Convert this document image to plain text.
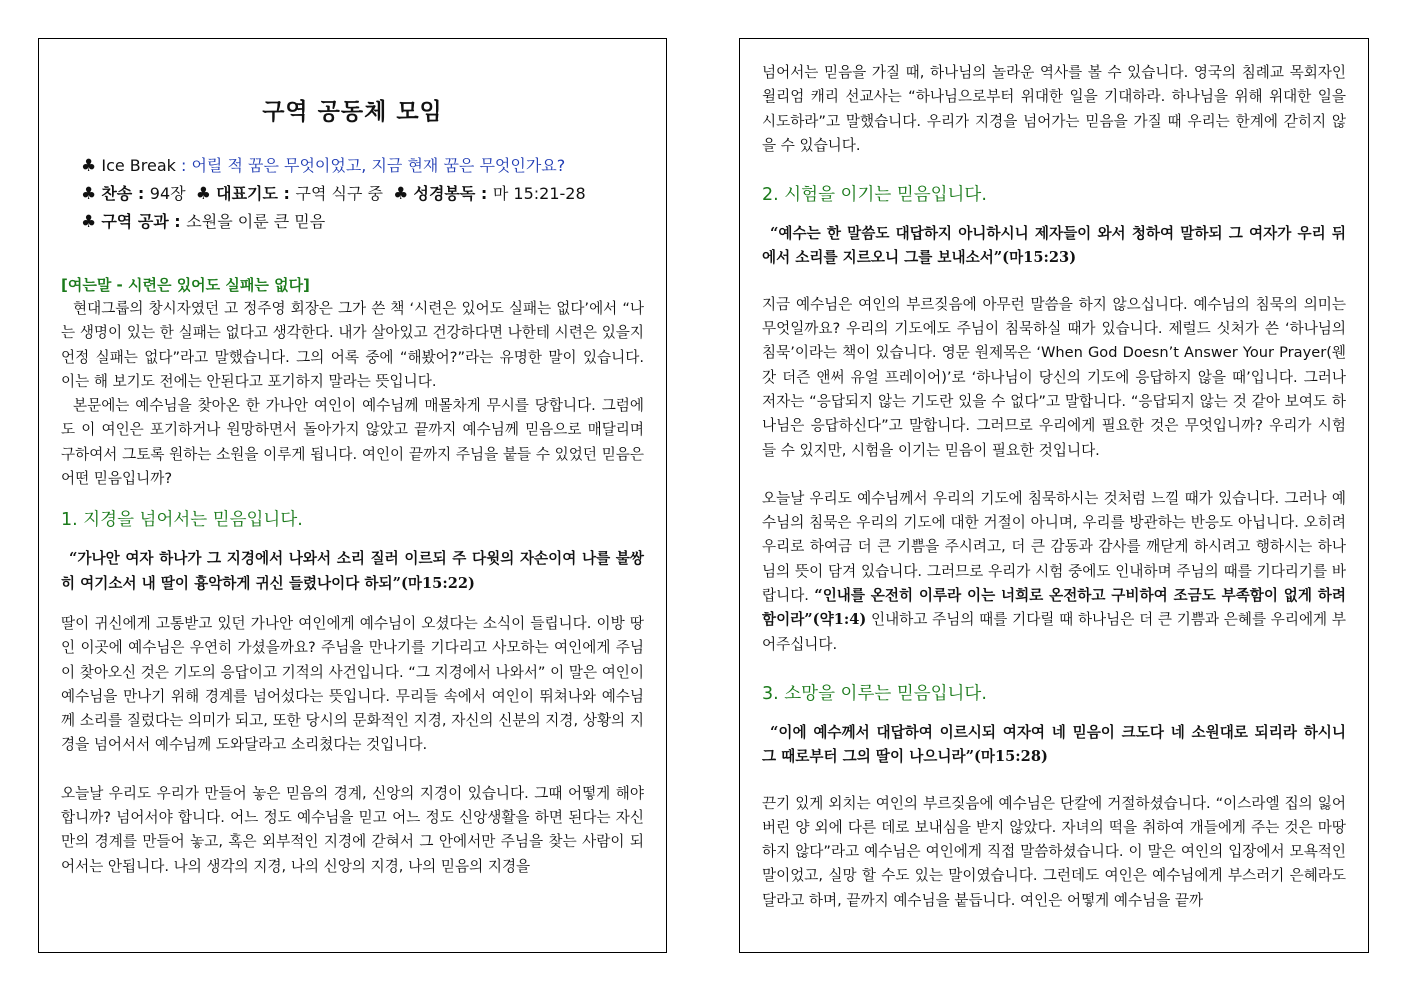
구역 공동체 모임
♣ Ice Break : 어릴 적 꿈은 무엇이었고, 지금 현재 꿈은 무엇인가요?
♣ 찬송 : 94장 ♣ 대표기도 : 구역 식구 중 ♣ 성경봉독 : 마 15:21-28
♣ 구역 공과 : 소원을 이룬 큰 믿음
[여는말 - 시련은 있어도 실패는 없다]

현대그룹의 창시자였던 고 정주영 회장은 그가 쓴 책 ‘시련은 있어도 실패는 없다’에서 “나는 생명이 있는 한 실패는 없다고 생각한다. 내가 살아있고 건강하다면 나한테 시련은 있을지언정 실패는 없다”라고 말했습니다. 그의 어록 중에 “해봤어?”라는 유명한 말이 있습니다. 이는 해 보기도 전에는 안된다고 포기하지 말라는 뜻입니다.

본문에는 예수님을 찾아온 한 가나안 여인이 예수님께 매몰차게 무시를 당합니다. 그럼에도 이 여인은 포기하거나 원망하면서 돌아가지 않았고 끝까지 예수님께 믿음으로 매달리며 구하여서 그토록 원하는 소원을 이루게 됩니다. 여인이 끝까지 주님을 붙들 수 있었던 믿음은 어떤 믿음입니까?

1. 지경을 넘어서는 믿음입니다.

“가나안 여자 하나가 그 지경에서 나와서 소리 질러 이르되 주 다윗의 자손이여 나를 불쌍히 여기소서 내 딸이 흉악하게 귀신 들렸나이다 하되”(마15:22)

딸이 귀신에게 고통받고 있던 가나안 여인에게 예수님이 오셨다는 소식이 들립니다. 이방 땅인 이곳에 예수님은 우연히 가셨을까요? 주님을 만나기를 기다리고 사모하는 여인에게 주님이 찾아오신 것은 기도의 응답이고 기적의 사건입니다. “그 지경에서 나와서” 이 말은 여인이 예수님을 만나기 위해 경계를 넘어섰다는 뜻입니다. 무리들 속에서 여인이 뛰쳐나와 예수님께 소리를 질렀다는 의미가 되고, 또한 당시의 문화적인 지경, 자신의 신분의 지경, 상황의 지경을 넘어서서 예수님께 도와달라고 소리쳤다는 것입니다.

오늘날 우리도 우리가 만들어 놓은 믿음의 경계, 신앙의 지경이 있습니다. 그때 어떻게 해야 합니까? 넘어서야 합니다. 어느 정도 예수님을 믿고 어느 정도 신앙생활을 하면 된다는 자신만의 경계를 만들어 놓고, 혹은 외부적인 지경에 갇혀서 그 안에서만 주님을 찾는 사람이 되어서는 안됩니다. 나의 생각의 지경, 나의 신앙의 지경, 나의 믿음의 지경을

넘어서는 믿음을 가질 때, 하나님의 놀라운 역사를 볼 수 있습니다. 영국의 침례교 목회자인 윌리엄 캐리 선교사는 “하나님으로부터 위대한 일을 기대하라. 하나님을 위해 위대한 일을 시도하라”고 말했습니다. 우리가 지경을 넘어가는 믿음을 가질 때 우리는 한계에 갇히지 않을 수 있습니다.

2. 시험을 이기는 믿음입니다.

“예수는 한 말씀도 대답하지 아니하시니 제자들이 와서 청하여 말하되 그 여자가 우리 뒤에서 소리를 지르오니 그를 보내소서”(마15:23)

지금 예수님은 여인의 부르짖음에 아무런 말씀을 하지 않으십니다. 예수님의 침묵의 의미는 무엇일까요? 우리의 기도에도 주님이 침묵하실 때가 있습니다. 제럴드 싯처가 쓴 ‘하나님의 침묵’이라는 책이 있습니다. 영문 원제목은 ‘When God Doesn’t Answer Your Prayer(웬 갓 더즌 앤써 유얼 프레이어)’로 ‘하나님이 당신의 기도에 응답하지 않을 때’입니다. 그러나 저자는 “응답되지 않는 기도란 있을 수 없다”고 말합니다. “응답되지 않는 것 같아 보여도 하나님은 응답하신다”고 말합니다. 그러므로 우리에게 필요한 것은 무엇입니까? 우리가 시험 들 수 있지만, 시험을 이기는 믿음이 필요한 것입니다.

오늘날 우리도 예수님께서 우리의 기도에 침묵하시는 것처럼 느낄 때가 있습니다. 그러나 예수님의 침묵은 우리의 기도에 대한 거절이 아니며, 우리를 방관하는 반응도 아닙니다. 오히려 우리로 하여금 더 큰 기쁨을 주시려고, 더 큰 감동과 감사를 깨닫게 하시려고 행하시는 하나님의 뜻이 담겨 있습니다. 그러므로 우리가 시험 중에도 인내하며 주님의 때를 기다리기를 바랍니다. “인내를 온전히 이루라 이는 너희로 온전하고 구비하여 조금도 부족함이 없게 하려 함이라”(약1:4) 인내하고 주님의 때를 기다릴 때 하나님은 더 큰 기쁨과 은혜를 우리에게 부어주십니다.

3. 소망을 이루는 믿음입니다.

“이에 예수께서 대답하여 이르시되 여자여 네 믿음이 크도다 네 소원대로 되리라 하시니 그 때로부터 그의 딸이 나으니라”(마15:28)

끈기 있게 외치는 여인의 부르짖음에 예수님은 단칼에 거절하셨습니다. “이스라엘 집의 잃어버린 양 외에 다른 데로 보내심을 받지 않았다. 자녀의 떡을 취하여 개들에게 주는 것은 마땅하지 않다”라고 예수님은 여인에게 직접 말씀하셨습니다. 이 말은 여인의 입장에서 모욕적인 말이었고, 실망 할 수도 있는 말이였습니다. 그런데도 여인은 예수님에게 부스러기 은혜라도 달라고 하며, 끝까지 예수님을 붙듭니다. 여인은 어떻게 예수님을 끝까
